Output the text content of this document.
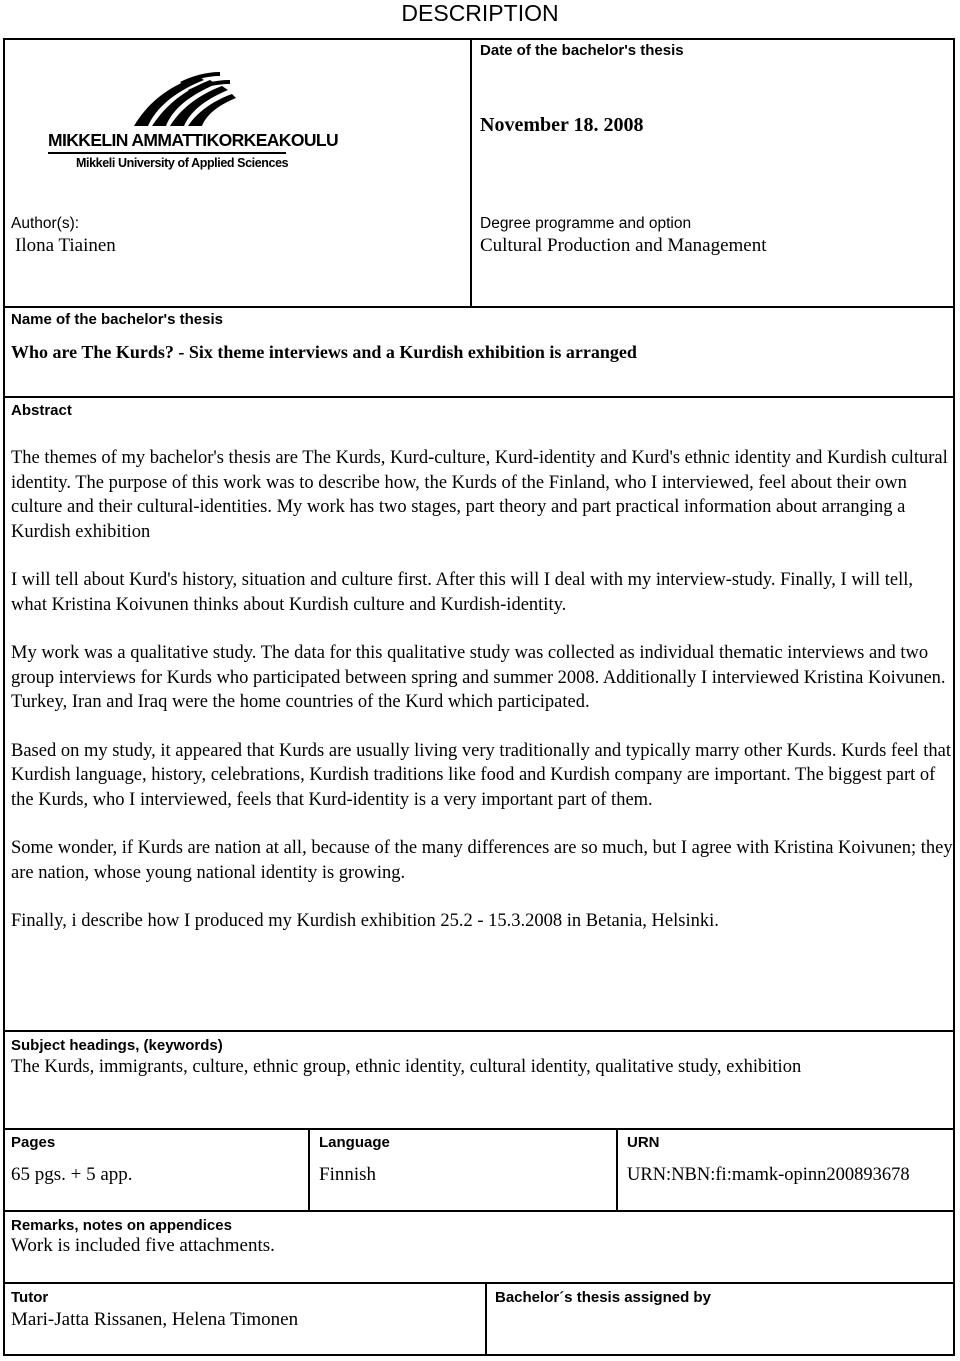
DESCRIPTION
MIKKELIN AMMATTIKORKEAKOULU
Mikkeli University of Applied Sciences
Date of the bachelor's thesis
November 18. 2008
Author(s):
Ilona Tiainen
Degree programme and option
Cultural Production and Management
Name of the bachelor's thesis
Who are The Kurds? - Six theme interviews and a Kurdish exhibition is arranged
Abstract

The themes of my bachelor's thesis are The Kurds, Kurd-culture, Kurd-identity and Kurd's ethnic identity and Kurdish cultural identity. The purpose of this work was to describe how, the Kurds of the Finland, who I interviewed, feel about their own culture and their cultural-identities. My work has two stages, part theory and part practical information about arranging a Kurdish exhibition

I will tell about Kurd's history, situation and culture first. After this will I deal with my interview-study. Finally, I will tell, what Kristina Koivunen thinks about Kurdish culture and Kurdish-identity.

My work was a qualitative study. The data for this qualitative study was collected as individual thematic interviews and two group interviews for Kurds who participated between spring and summer 2008. Additionally I interviewed Kristina Koivunen. Turkey, Iran and Iraq were the home countries of the Kurd which participated.

Based on my study, it appeared that Kurds are usually living very traditionally and typically marry other Kurds. Kurds feel that Kurdish language, history, celebrations, Kurdish traditions like food and Kurdish company are important. The biggest part of the Kurds, who I interviewed, feels that Kurd-identity is a very important part of them.

Some wonder, if Kurds are nation at all, because of the many differences are so much, but I agree with Kristina Koivunen; they are nation, whose young national identity is growing.

Finally, i describe how I produced my Kurdish exhibition 25.2 - 15.3.2008 in Betania, Helsinki.

Subject headings, (keywords)
The Kurds, immigrants, culture, ethnic group, ethnic identity, cultural identity, qualitative study, exhibition
Pages
65 pgs. + 5 app.
Language
Finnish
URN
URN:NBN:fi:mamk-opinn200893678
Remarks, notes on appendices
Work is included five attachments.
Tutor
Mari-Jatta Rissanen, Helena Timonen
Bachelor´s thesis assigned by
